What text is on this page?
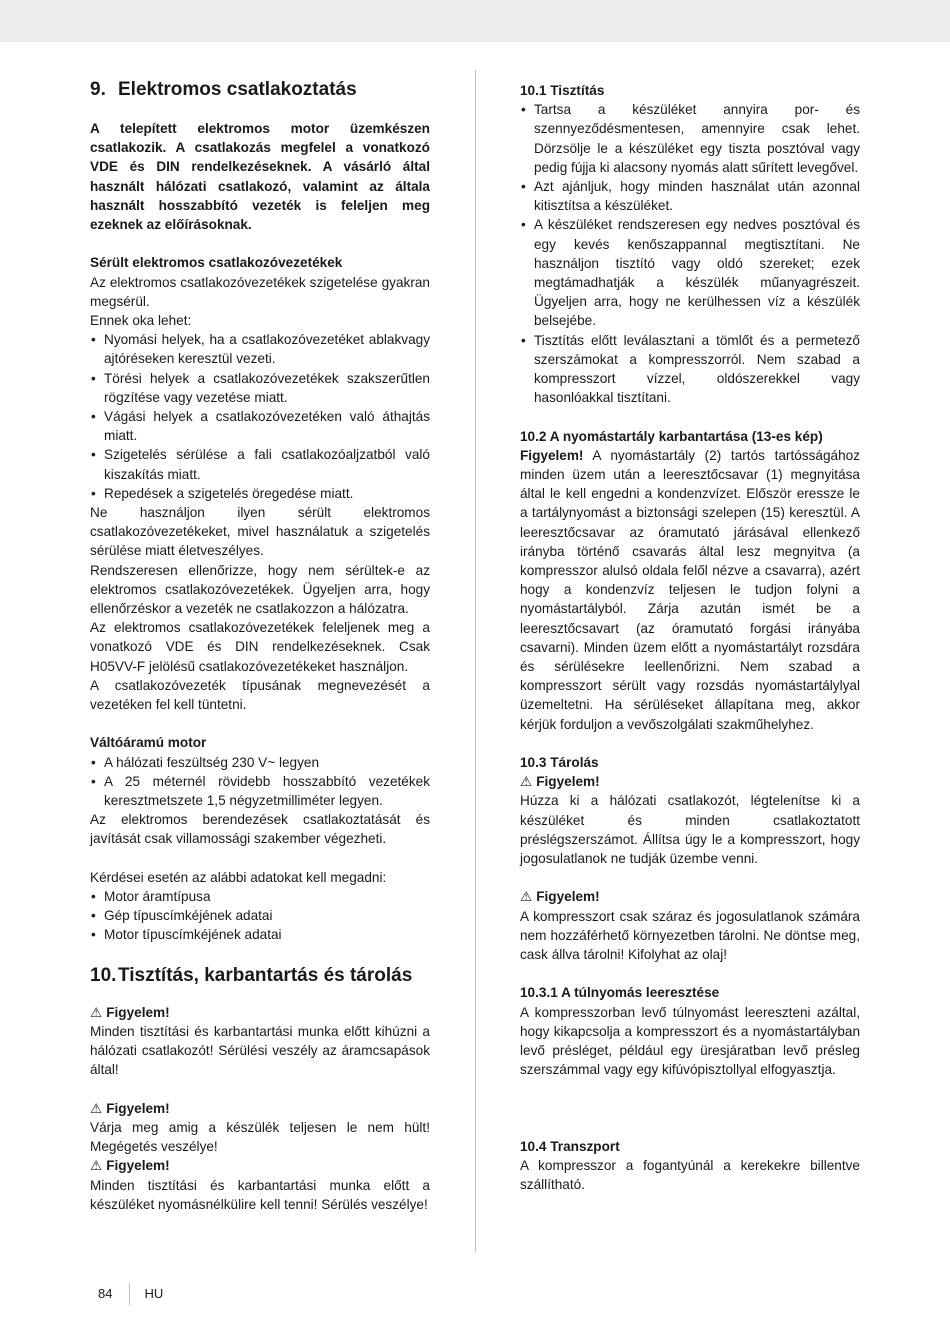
9. Elektromos csatlakoztatás
A telepített elektromos motor üzemkészen csatlakozik. A csatlakozás megfelel a vonatkozó VDE és DIN rendelkezéseknek. A vásárló által használt hálózati csatlakozó, valamint az általa használt hosszabbító vezeték is feleljen meg ezeknek az előírásoknak.
Sérült elektromos csatlakozóvezetékek
Az elektromos csatlakozóvezetékek szigetelése gyakran megsérül.
Ennek oka lehet:
• Nyomási helyek, ha a csatlakozóvezetéket ablakvagy ajtóréseken keresztül vezeti.
• Törési helyek a csatlakozóvezetékek szakszerűtlen rögzítése vagy vezetése miatt.
• Vágási helyek a csatlakozóvezetéken való áthajtás miatt.
• Szigetelés sérülése a fali csatlakozóaljzatból való kiszakítás miatt.
• Repedések a szigetelés öregedése miatt.
Ne használjon ilyen sérült elektromos csatlakozóvezetékeket, mivel használatuk a szigetelés sérülése miatt életveszélyes.
Rendszeresen ellenőrizze, hogy nem sérültek-e az elektromos csatlakozóvezetékek. Ügyeljen arra, hogy ellenőrzéskor a vezeték ne csatlakozzon a hálózatra.
Az elektromos csatlakozóvezetékek feleljenek meg a vonatkozó VDE és DIN rendelkezéseknek. Csak H05VV-F jelölésű csatlakozóvezetékeket használjon.
A csatlakozóvezeték típusának megnevezését a vezetéken fel kell tüntetni.
Váltóáramú motor
• A hálózati feszültség 230 V~ legyen
• A 25 méternél rövidebb hosszabbító vezetékek keresztmetszete 1,5 négyzetmilliméter legyen.
Az elektromos berendezések csatlakoztatását és javítását csak villamossági szakember végezheti.
Kérdései esetén az alábbi adatokat kell megadni:
• Motor áramtípusa
• Gép típuscímkéjének adatai
• Motor típuscímkéjének adatai
10.Tisztítás, karbantartás és tárolás
⚠ Figyelem!
Minden tisztítási és karbantartási munka előtt kihúzni a hálózati csatlakozót! Sérülési veszély az áramcsapások által!
⚠ Figyelem!
Várja meg amig a készülék teljesen le nem hült! Megégetés veszélye!
⚠ Figyelem!
Minden tisztítási és karbantartási munka előtt a készüléket nyomásnélkülire kell tenni! Sérülés veszélye!
10.1 Tisztítás
• Tartsa a készüléket annyira por- és szennyeződésmentesen, amennyire csak lehet. Dörzsölje le a készüléket egy tiszta posztóval vagy pedig fújja ki alacsony nyomás alatt sűrített levegővel.
• Azt ajánljuk, hogy minden használat után azonnal kitisztítsa a készüléket.
• A készüléket rendszeresen egy nedves posztóval és egy kevés kenőszappannal megtisztítani. Ne használjon tisztító vagy oldó szereket; ezek megtámadhatják a készülék műanyagrészeit. Ügyeljen arra, hogy ne kerülhessen víz a készülék belsejébe.
• Tisztítás előtt leválasztani a tömlőt és a permetező szerszámokat a kompresszorról. Nem szabad a kompresszort vízzel, oldószerekkel vagy hasonlóakkal tisztítani.
10.2 A nyomástartály karbantartása (13-es kép)
Figyelem! A nyomástartály (2) tartós tartósságához minden üzem után a leeresztőcsavar (1) megnyitása által le kell engedni a kondenzvízet. Először eressze le a tartálynyomást a biztonsági szelepen (15) keresztül. A leeresztőcsavar az óramutató járásával ellenkező irányba történő csavarás által lesz megnyitva (a kompresszor alulsó oldala felől nézve a csavarra), azért hogy a kondenzvíz teljesen le tudjon folyni a nyomástartályból. Zárja azután ismét be a leeresztőcsavart (az óramutató forgási irányába csavarni). Minden üzem előtt a nyomástartályt rozsdára és sérülésekre leellenőrizni. Nem szabad a kompresszort sérült vagy rozsdás nyomástartálylyal üzemeltetni. Ha sérüléseket állapítana meg, akkor kérjük forduljon a vevőszolgálati szakműhelyhez.
10.3 Tárolás
⚠ Figyelem!
Húzza ki a hálózati csatlakozót, légtelenítse ki a készüléket és minden csatlakoztatott préslégszerszámot. Állítsa úgy le a kompresszort, hogy jogosulatlanok ne tudják üzembe venni.
⚠ Figyelem!
A kompresszort csak száraz és jogosulatlanok számára nem hozzáférhető környezetben tárolni. Ne döntse meg, cask állva tárolni! Kifolyhat az olaj!
10.3.1 A túlnyomás leeresztése
A kompresszorban levő túlnyomást leereszteni azáltal, hogy kikapcsolja a kompresszort és a nyomástartályban levő présléget, például egy üresjáratban levő présleg szerszámmal vagy egy kifúvópisztollyal elfogyasztja.
10.4 Transzport
A kompresszor a fogantyúnál a kerekekre billentve szállítható.
84 HU
